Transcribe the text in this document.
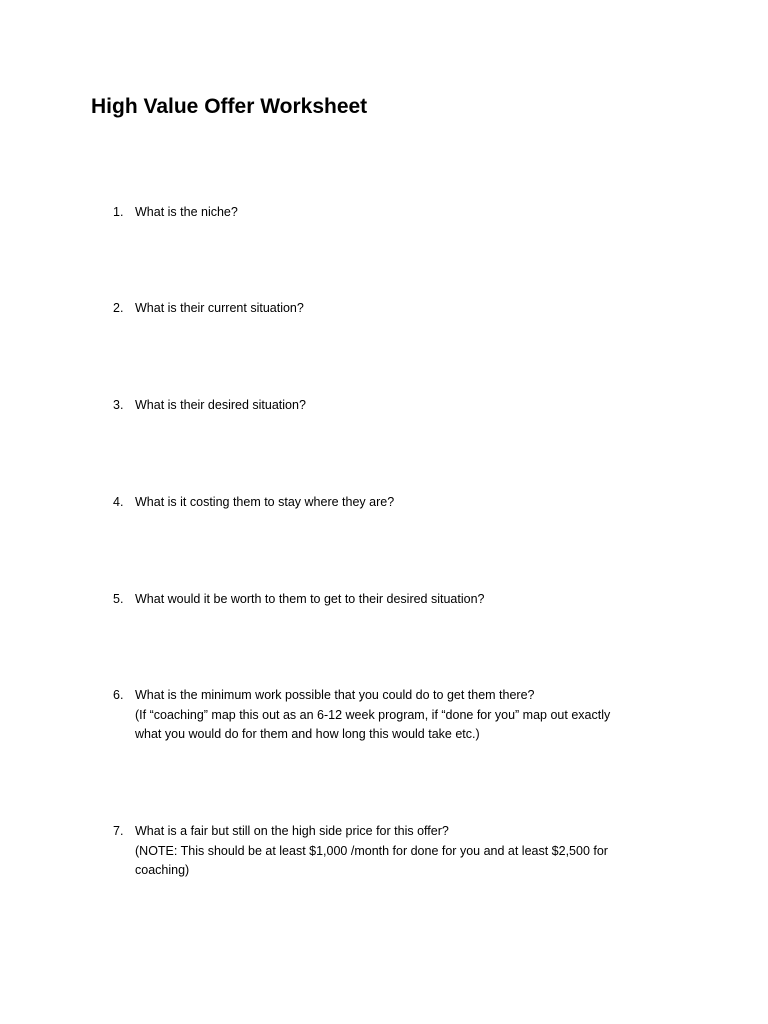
High Value Offer Worksheet
1. What is the niche?
2. What is their current situation?
3. What is their desired situation?
4. What is it costing them to stay where they are?
5. What would it be worth to them to get to their desired situation?
6. What is the minimum work possible that you could do to get them there?
(If “coaching” map this out as an 6-12 week program, if “done for you” map out exactly
what you would do for them and how long this would take etc.)
7. What is a fair but still on the high side price for this offer?
(NOTE: This should be at least $1,000 /month for done for you and at least $2,500 for
coaching)
